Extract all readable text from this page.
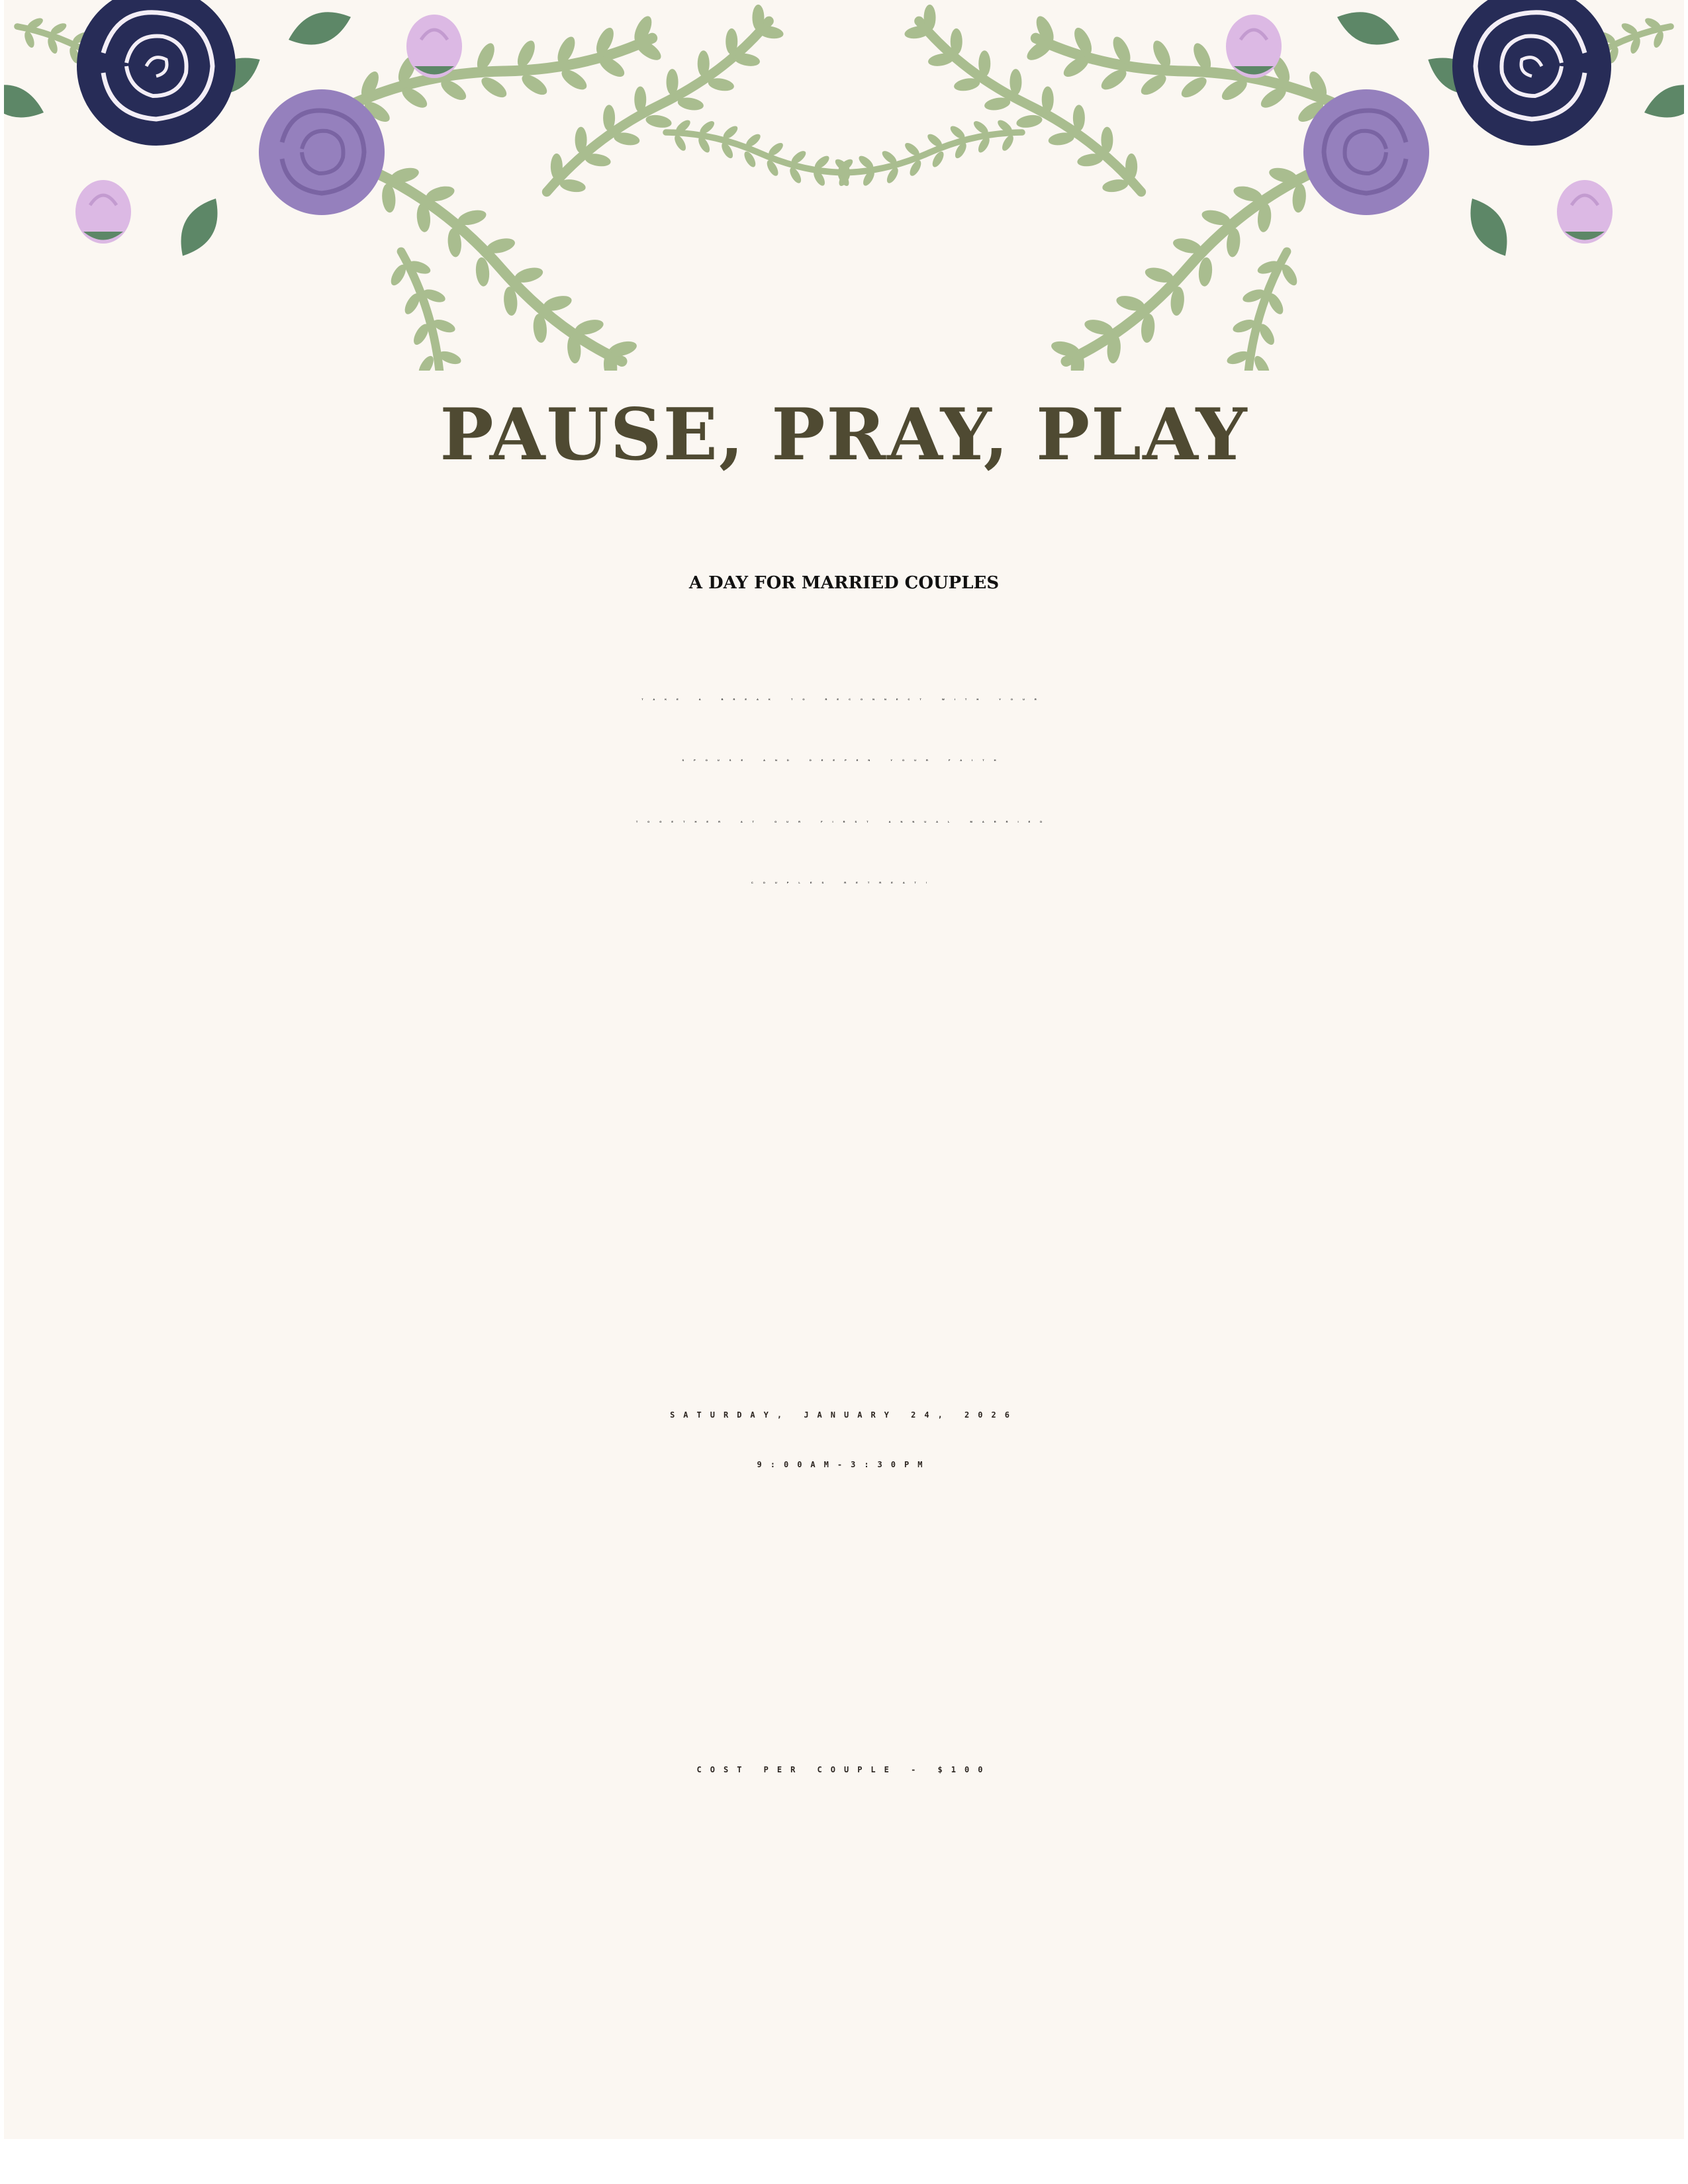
PAUSE, PRAY, PLAY
A DAY FOR MARRIED COUPLES
TAKE A BREAK TO RECONNECT WITH YOUR
SPOUSE AND DEEPEN YOUR FAITH
TOGETHER AT OUR FIRST ANNUAL MARRIED
COUPLES RETREAT!
SATURDAY, JANUARY 24, 2026
9:00AM-3:30PM
COST PER COUPLE - $100
